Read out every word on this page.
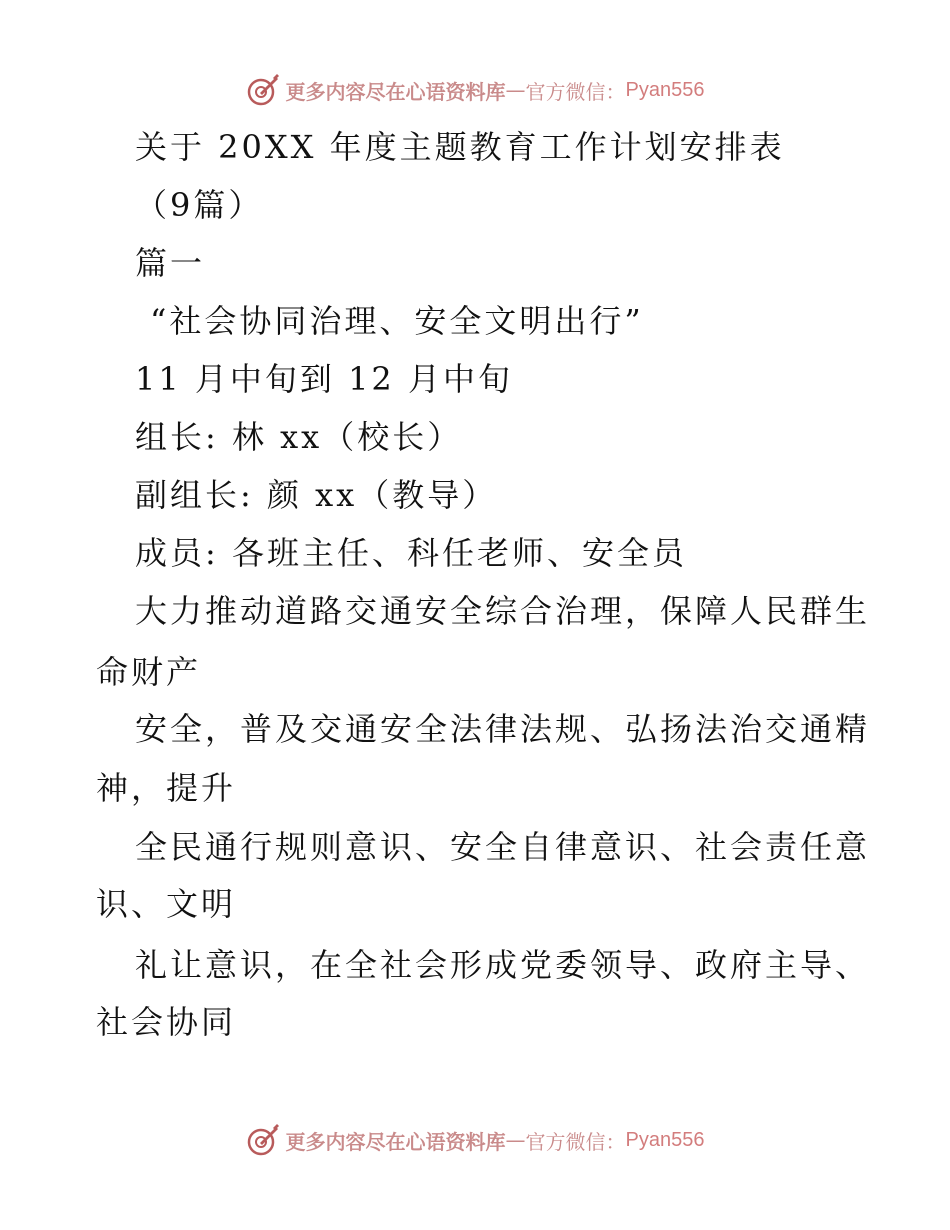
更多内容尽在心语资料库 — 官方微信： Pyan556
关于 20XX 年度主题教育工作计划安排表
（9篇）
篇一
“社会协同治理、安全文明出行”
11 月中旬到 12 月中旬
组长: 林 xx（校长）
副组长: 颜 xx（教导）
成员: 各班主任、科任老师、安全员
大力推动道路交通安全综合治理，保障人民群生
命财产
安全，普及交通安全法律法规、弘扬法治交通精
神，提升
全民通行规则意识、安全自律意识、社会责任意
识、文明
礼让意识，在全社会形成党委领导、政府主导、
社会协同
更多内容尽在心语资料库 — 官方微信： Pyan556
